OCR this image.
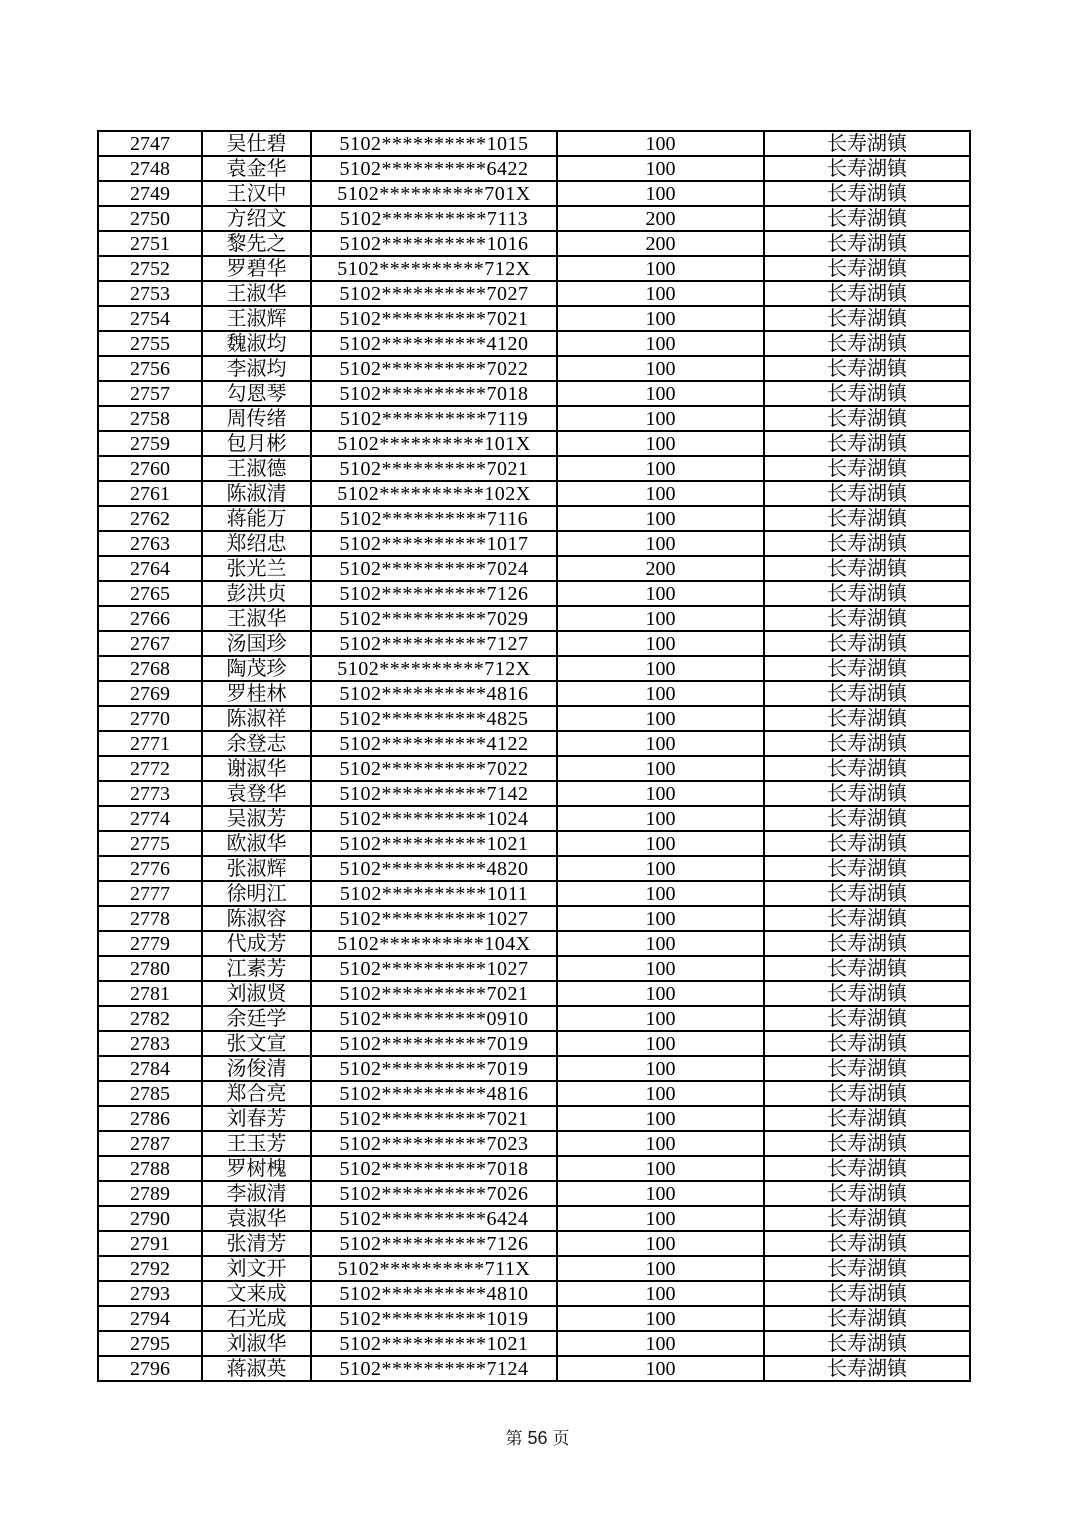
2747	吴仕碧	5102**********1015	100	长寿湖镇
2748	袁金华	5102**********6422	100	长寿湖镇
2749	王汉中	5102**********701X	100	长寿湖镇
2750	方绍文	5102**********7113	200	长寿湖镇
2751	黎先之	5102**********1016	200	长寿湖镇
2752	罗碧华	5102**********712X	100	长寿湖镇
2753	王淑华	5102**********7027	100	长寿湖镇
2754	王淑辉	5102**********7021	100	长寿湖镇
2755	魏淑均	5102**********4120	100	长寿湖镇
2756	李淑均	5102**********7022	100	长寿湖镇
2757	勾恩琴	5102**********7018	100	长寿湖镇
2758	周传绪	5102**********7119	100	长寿湖镇
2759	包月彬	5102**********101X	100	长寿湖镇
2760	王淑德	5102**********7021	100	长寿湖镇
2761	陈淑清	5102**********102X	100	长寿湖镇
2762	蒋能万	5102**********7116	100	长寿湖镇
2763	郑绍忠	5102**********1017	100	长寿湖镇
2764	张光兰	5102**********7024	200	长寿湖镇
2765	彭洪贞	5102**********7126	100	长寿湖镇
2766	王淑华	5102**********7029	100	长寿湖镇
2767	汤国珍	5102**********7127	100	长寿湖镇
2768	陶茂珍	5102**********712X	100	长寿湖镇
2769	罗桂林	5102**********4816	100	长寿湖镇
2770	陈淑祥	5102**********4825	100	长寿湖镇
2771	余登志	5102**********4122	100	长寿湖镇
2772	谢淑华	5102**********7022	100	长寿湖镇
2773	袁登华	5102**********7142	100	长寿湖镇
2774	吴淑芳	5102**********1024	100	长寿湖镇
2775	欧淑华	5102**********1021	100	长寿湖镇
2776	张淑辉	5102**********4820	100	长寿湖镇
2777	徐明江	5102**********1011	100	长寿湖镇
2778	陈淑容	5102**********1027	100	长寿湖镇
2779	代成芳	5102**********104X	100	长寿湖镇
2780	江素芳	5102**********1027	100	长寿湖镇
2781	刘淑贤	5102**********7021	100	长寿湖镇
2782	余廷学	5102**********0910	100	长寿湖镇
2783	张文宣	5102**********7019	100	长寿湖镇
2784	汤俊清	5102**********7019	100	长寿湖镇
2785	郑合亮	5102**********4816	100	长寿湖镇
2786	刘春芳	5102**********7021	100	长寿湖镇
2787	王玉芳	5102**********7023	100	长寿湖镇
2788	罗树槐	5102**********7018	100	长寿湖镇
2789	李淑清	5102**********7026	100	长寿湖镇
2790	袁淑华	5102**********6424	100	长寿湖镇
2791	张清芳	5102**********7126	100	长寿湖镇
2792	刘文开	5102**********711X	100	长寿湖镇
2793	文来成	5102**********4810	100	长寿湖镇
2794	石光成	5102**********1019	100	长寿湖镇
2795	刘淑华	5102**********1021	100	长寿湖镇
2796	蒋淑英	5102**********7124	100	长寿湖镇
第 56 页
